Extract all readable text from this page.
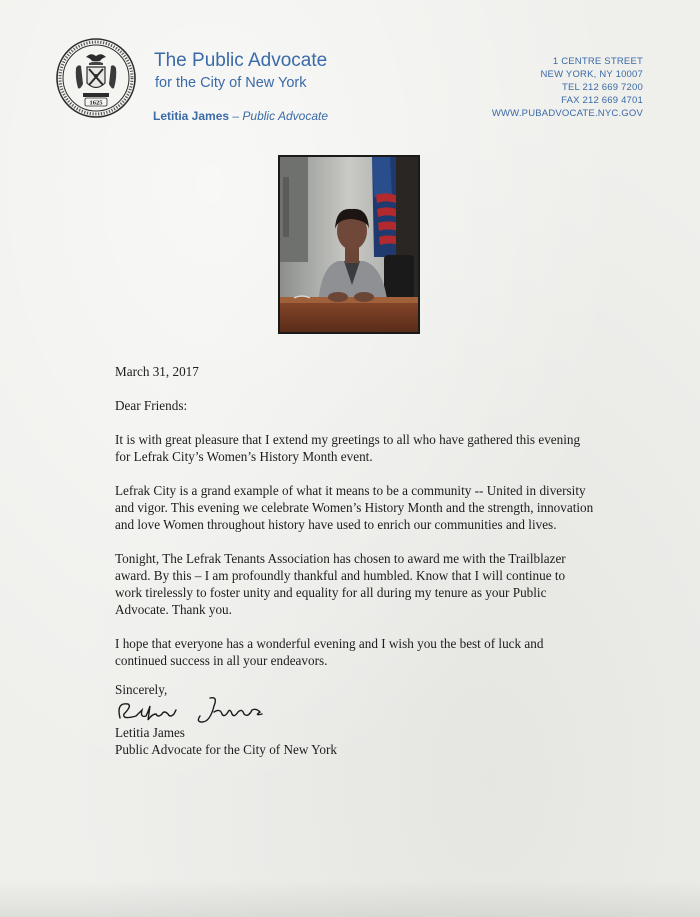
1625
The Public Advocate
for the City of New York
Letitia James – Public Advocate
1 CENTRE STREET
NEW YORK, NY 10007
TEL 212 669 7200
FAX 212 669 4701
WWW.PUBADVOCATE.NYC.GOV

March 31, 2017

Dear Friends:

It is with great pleasure that I extend my greetings to all who have gathered this evening for Lefrak City’s Women’s History Month event.

Lefrak City is a grand example of what it means to be a community -- United in diversity and vigor. This evening we celebrate Women’s History Month and the strength, innovation and love Women throughout history have used to enrich our communities and lives.

Tonight, The Lefrak Tenants Association has chosen to award me with the Trailblazer award. By this – I am profoundly thankful and humbled. Know that I will continue to work tirelessly to foster unity and equality for all during my tenure as your Public Advocate. Thank you.

I hope that everyone has a wonderful evening and I wish you the best of luck and continued success in all your endeavors.

Sincerely,
Letitia James
Public Advocate for the City of New York
